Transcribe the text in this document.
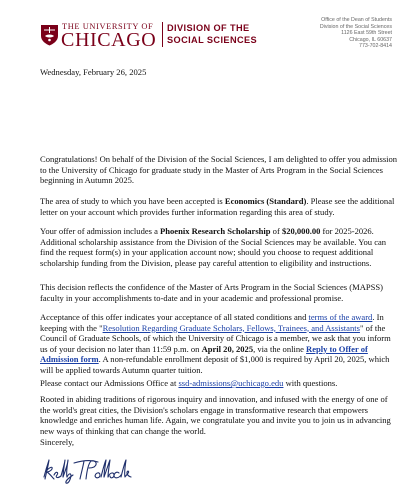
THE UNIVERSITY OF
CHICAGO
DIVISION OF THE
SOCIAL SCIENCES
Office of the Dean of Students
Division of the Social Sciences
1126 East 59th Street
Chicago, IL 60637
773-702-8414
Wednesday, February 26, 2025
Congratulations! On behalf of the Division of the Social Sciences, I am delighted to offer you admission to the University of Chicago for graduate study in the Master of Arts Program in the Social Sciences beginning in Autumn 2025.
The area of study to which you have been accepted is Economics (Standard). Please see the additional letter on your account which provides further information regarding this area of study.
Your offer of admission includes a Phoenix Research Scholarship of $20,000.00 for 2025-2026. Additional scholarship assistance from the Division of the Social Sciences may be available. You can find the request form(s) in your application account now; should you choose to request additional scholarship funding from the Division, please pay careful attention to eligibility and instructions.
This decision reflects the confidence of the Master of Arts Program in the Social Sciences (MAPSS) faculty in your accomplishments to-date and in your academic and professional promise.
Acceptance of this offer indicates your acceptance of all stated conditions and terms of the award. In keeping with the "Resolution Regarding Graduate Scholars, Fellows, Trainees, and Assistants" of the Council of Graduate Schools, of which the University of Chicago is a member, we ask that you inform us of your decision no later than 11:59 p.m. on April 20, 2025, via the online Reply to Offer of Admission form. A non-refundable enrollment deposit of $1,000 is required by April 20, 2025, which will be applied towards Autumn quarter tuition.
Please contact our Admissions Office at ssd-admissions@uchicago.edu with questions.
Rooted in abiding traditions of rigorous inquiry and innovation, and infused with the energy of one of the world's great cities, the Division's scholars engage in transformative research that empowers knowledge and enriches human life. Again, we congratulate you and invite you to join us in advancing new ways of thinking that can change the world.
Sincerely,
